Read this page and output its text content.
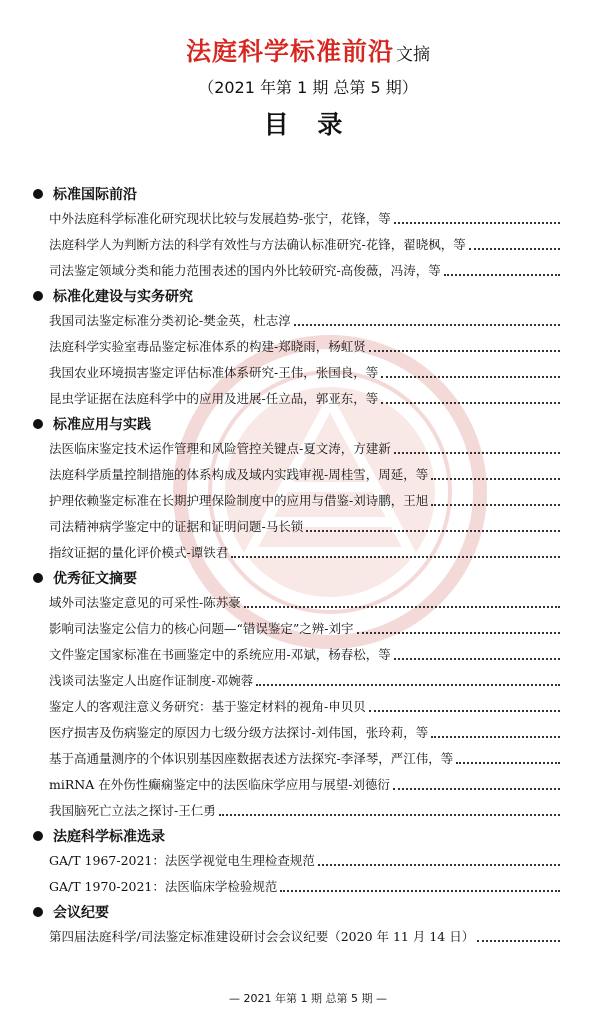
法庭科学标准前沿 文摘
（2021 年第 1 期 总第 5 期）
目 录
标准国际前沿
中外法庭科学标准化研究现状比较与发展趋势-张宁，花锋，等
法庭科学人为判断方法的科学有效性与方法确认标准研究-花锋，翟晓枫，等
司法鉴定领域分类和能力范围表述的国内外比较研究-高俊薇，冯涛，等
标准化建设与实务研究
我国司法鉴定标准分类初论-樊金英，杜志淳
法庭科学实验室毒品鉴定标准体系的构建-郑晓雨，杨虹贤
我国农业环境损害鉴定评估标准体系研究-王伟，张国良，等
昆虫学证据在法庭科学中的应用及进展-任立品，郭亚东，等
标准应用与实践
法医临床鉴定技术运作管理和风险管控关键点-夏文涛，方建新
法庭科学质量控制措施的体系构成及域内实践审视-周桂雪，周延，等
护理依赖鉴定标准在长期护理保险制度中的应用与借鉴-刘诗鹏，王旭
司法精神病学鉴定中的证据和证明问题-马长锁
指纹证据的量化评价模式-谭铁君
优秀征文摘要
域外司法鉴定意见的可采性-陈苏豪
影响司法鉴定公信力的核心问题—“错误鉴定”之辨-刘宇
文件鉴定国家标准在书画鉴定中的系统应用-邓斌，杨春松，等
浅谈司法鉴定人出庭作证制度-邓婉蓉
鉴定人的客观注意义务研究：基于鉴定材料的视角-申贝贝
医疗损害及伤病鉴定的原因力七级分级方法探讨-刘伟国，张玲莉，等
基于高通量测序的个体识别基因座数据表述方法探究-李泽琴，严江伟，等
miRNA 在外伤性癫痫鉴定中的法医临床学应用与展望-刘德衍
我国脑死亡立法之探讨-王仁勇
法庭科学标准选录
GA/T 1967-2021：法医学视觉电生理检查规范
GA/T 1970-2021：法医临床学检验规范
会议纪要
第四届法庭科学/司法鉴定标准建设研讨会会议纪要（2020 年 11 月 14 日）
— 2021 年第 1 期 总第 5 期 —
